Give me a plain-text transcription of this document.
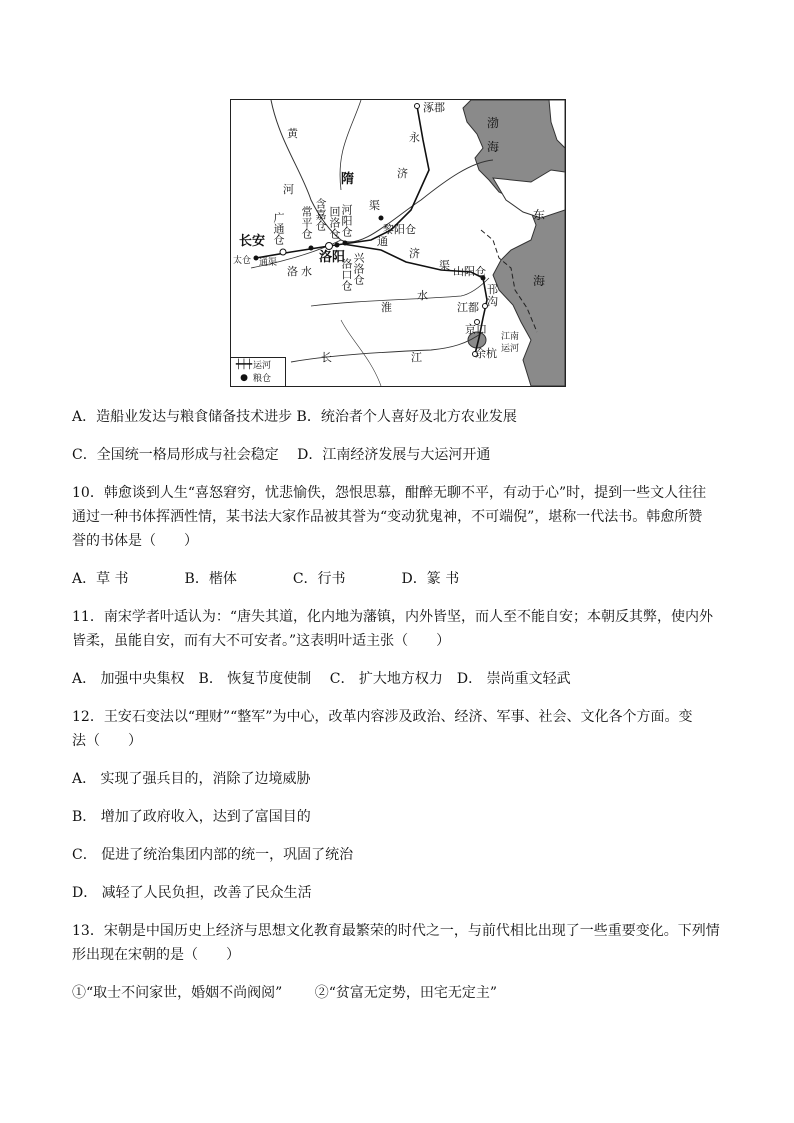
涿郡
隋
长安
洛阳
江都
京口
余杭
广通仓 常平仓 含嘉仓 回洛仓 河阳仓	黎阳仓
兴洛仓
洛口仓	山阳仓
太仓
黄
河
洛 水
淮
水
长	江
永
济
渠
通
济
渠
邗
沟
江南
运河
通渠
渤
海
东
海
┿┿┿ 运河
● 粮仓
A．造船业发达与粮食储备技术进步 B．统治者个人喜好及北方农业发展
C．全国统一格局形成与社会稳定　 D．江南经济发展与大运河开通
10．韩愈谈到人生“喜怒窘穷，忧悲愉佚，怨恨思慕，酣醉无聊不平，有动于心”时，提到一些文人往往
通过一种书体挥洒性情，某书法大家作品被其誉为“变动犹鬼神，不可端倪”，堪称一代法书。韩愈所赞
誉的书体是（　　）
A．草 书　　　　B．楷体　　　　C．行书　　　　D．篆 书
11．南宋学者叶适认为：“唐失其道，化内地为藩镇，内外皆坚，而人至不能自安；本朝反其弊，使内外
皆柔，虽能自安，而有大不可安者。”这表明叶适主张（　　）
A． 加强中央集权　B． 恢复节度使制　 C． 扩大地方权力　D． 崇尚重文轻武
12．王安石变法以“理财”“整军”为中心，改革内容涉及政治、经济、军事、社会、文化各个方面。变
法（　　）
A． 实现了强兵目的，消除了边境威胁
B． 增加了政府收入，达到了富国目的
C． 促进了统治集团内部的统一，巩固了统治
D． 减轻了人民负担，改善了民众生活
13．宋朝是中国历史上经济与思想文化教育最繁荣的时代之一，与前代相比出现了一些重要变化。下列情
形出现在宋朝的是（　　）
①“取士不问家世，婚姻不尚阀阅”　　 ②“贫富无定势，田宅无定主”
